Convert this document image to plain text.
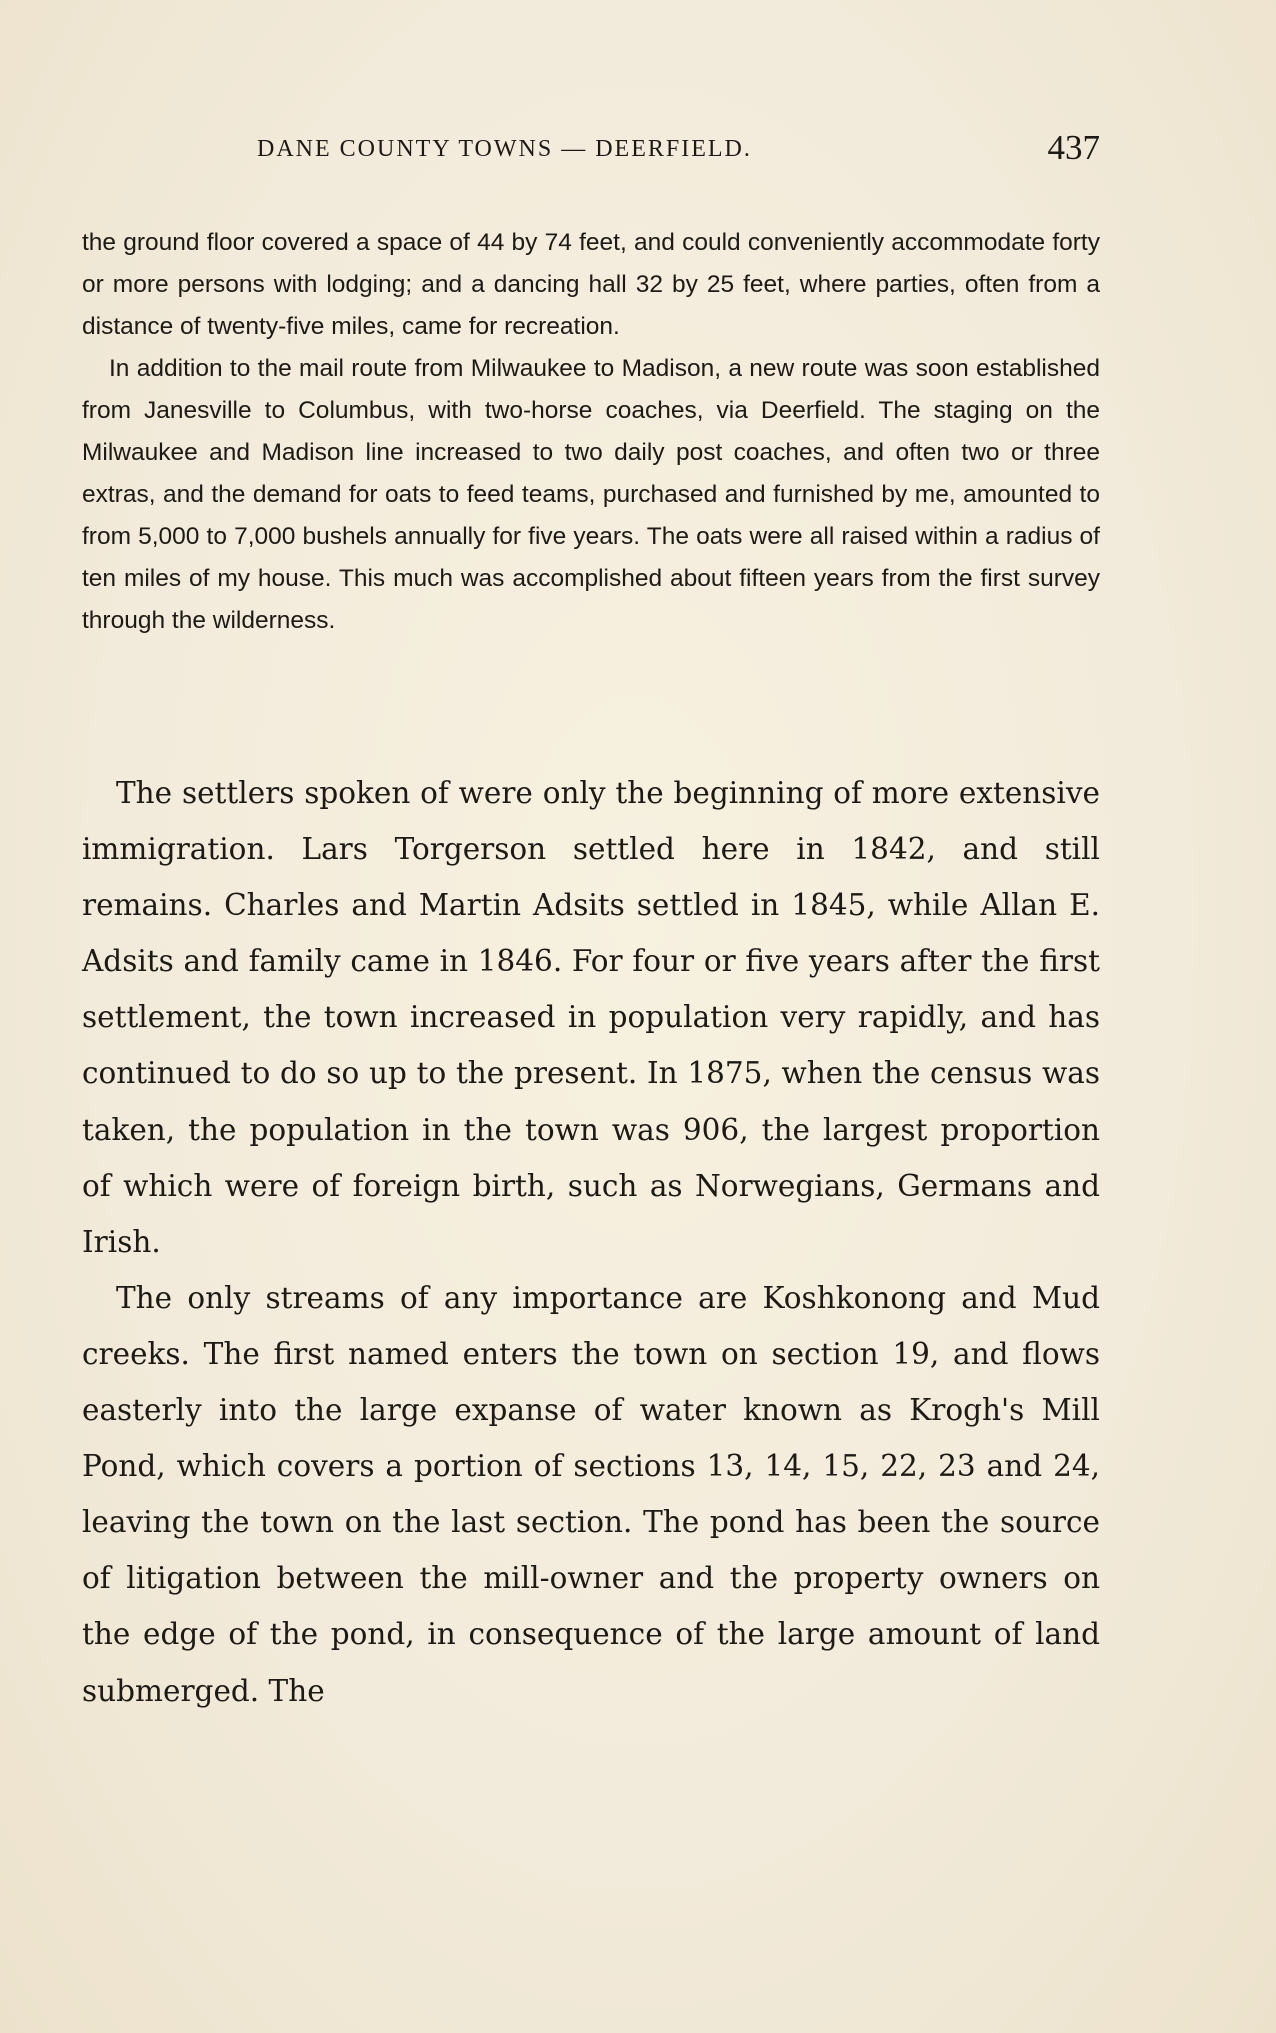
DANE COUNTY TOWNS — DEERFIELD.	437

the ground floor covered a space of 44 by 74 feet, and could conveniently accommodate forty or more persons with lodging; and a dancing hall 32 by 25 feet, where parties, often from a distance of twenty-five miles, came for recreation.

In addition to the mail route from Milwaukee to Madison, a new route was soon established from Janesville to Columbus, with two-horse coaches, via Deerfield. The staging on the Milwaukee and Madison line increased to two daily post coaches, and often two or three extras, and the demand for oats to feed teams, purchased and furnished by me, amounted to from 5,000 to 7,000 bushels annually for five years. The oats were all raised within a radius of ten miles of my house. This much was accomplished about fifteen years from the first survey through the wilderness.

The settlers spoken of were only the beginning of more extensive immigration. Lars Torgerson settled here in 1842, and still remains. Charles and Martin Adsits settled in 1845, while Allan E. Adsits and family came in 1846. For four or five years after the first settlement, the town increased in population very rapidly, and has continued to do so up to the present. In 1875, when the census was taken, the population in the town was 906, the largest proportion of which were of foreign birth, such as Norwegians, Germans and Irish.

The only streams of any importance are Koshkonong and Mud creeks. The first named enters the town on section 19, and flows easterly into the large expanse of water known as Krogh's Mill Pond, which covers a portion of sections 13, 14, 15, 22, 23 and 24, leaving the town on the last section. The pond has been the source of litigation between the mill-owner and the property owners on the edge of the pond, in consequence of the large amount of land submerged. The
